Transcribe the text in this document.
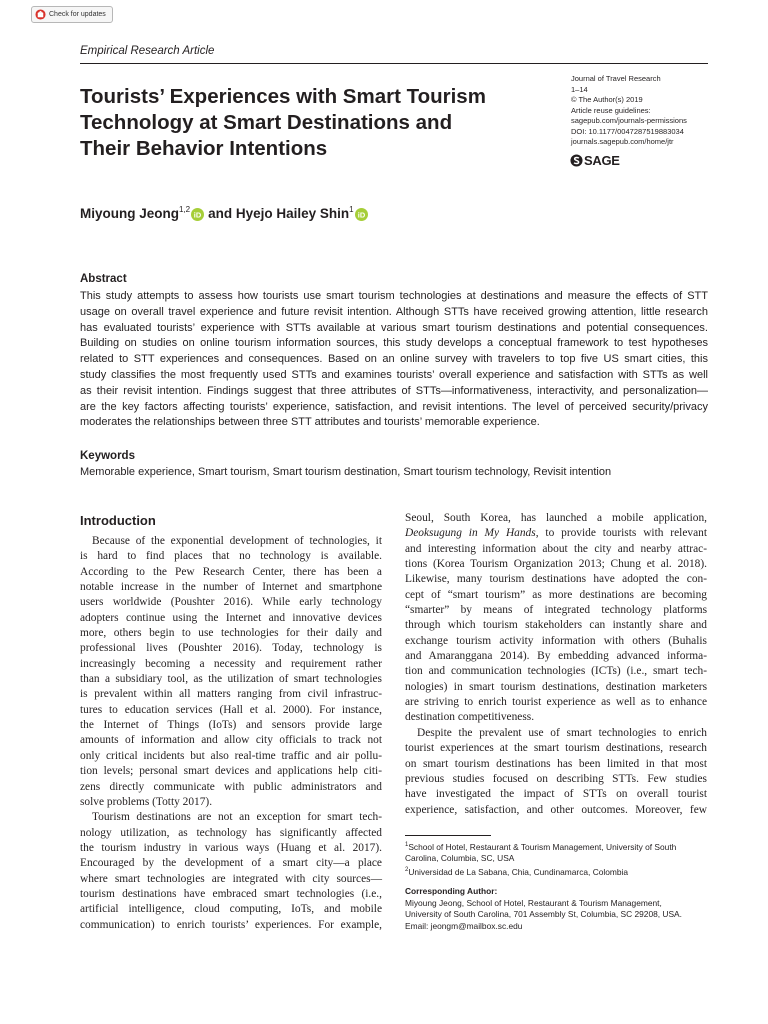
Check for updates
Empirical Research Article
Tourists’ Experiences with Smart Tourism
Technology at Smart Destinations and
Their Behavior Intentions
Journal of Travel Research
1–14
© The Author(s) 2019
Article reuse guidelines:
sagepub.com/journals-permissions
DOI: 10.1177/0047287519883034
journals.sagepub.com/home/jtr
SAGE
Miyoung Jeong$^{1,2}$
iD and Hyejo Hailey Shin$^1$
iD
Abstract
This study attempts to assess how tourists use smart tourism technologies at destinations and measure the effects of STT
usage on overall travel experience and future revisit intention. Although STTs have received growing attention, little research
has evaluated tourists’ experience with STTs available at various smart tourism destinations and potential consequences.
Building on studies on online tourism information sources, this study develops a conceptual framework to test hypotheses
related to STT experiences and consequences. Based on an online survey with travelers to top five US smart cities, this
study classifies the most frequently used STTs and examines tourists’ overall experience and satisfaction with STTs as well
as their revisit intention. Findings suggest that three attributes of STTs—informativeness, interactivity, and personalization—
are the key factors affecting tourists’ experience, satisfaction, and revisit intentions. The level of perceived security/privacy
moderates the relationships between three STT attributes and tourists’ memorable experience.
Keywords
Memorable experience, Smart tourism, Smart tourism destination, Smart tourism technology, Revisit intention
Introduction
Because of the exponential development of technologies, it
is hard to find places that no technology is available.
According to the Pew Research Center, there has been a
notable increase in the number of Internet and smartphone
users worldwide (Poushter 2016). While early technology
adopters continue using the Internet and innovative devices
more, others begin to use technologies for their daily and
professional lives (Poushter 2016). Today, technology is
increasingly becoming a necessity and requirement rather
than a subsidiary tool, as the utilization of smart technologies
is prevalent within all matters ranging from civil infrastruc-
tures to education services (Hall et al. 2000). For instance,
the Internet of Things (IoTs) and sensors provide large
amounts of information and allow city officials to track not
only critical incidents but also real-time traffic and air pollu-
tion levels; personal smart devices and applications help citi-
zens directly communicate with public administrators and
solve problems (Totty 2017).
Tourism destinations are not an exception for smart tech-
nology utilization, as technology has significantly affected
the tourism industry in various ways (Huang et al. 2017).
Encouraged by the development of a smart city—a place
where smart technologies are integrated with city sources—
tourism destinations have embraced smart technologies (i.e.,
artificial intelligence, cloud computing, IoTs, and mobile
communication) to enrich tourists’ experiences. For example,
Seoul, South Korea, has launched a mobile application,
Deoksugung in My Hands, to provide tourists with relevant
and interesting information about the city and nearby attrac-
tions (Korea Tourism Organization 2013; Chung et al. 2018).
Likewise, many tourism destinations have adopted the con-
cept of “smart tourism” as more destinations are becoming
“smarter” by means of integrated technology platforms
through which tourism stakeholders can instantly share and
exchange tourism activity information with others (Buhalis
and Amaranggana 2014). By embedding advanced informa-
tion and communication technologies (ICTs) (i.e., smart tech-
nologies) in smart tourism destinations, destination marketers
are striving to enrich tourist experience as well as to enhance
destination competitiveness.
Despite the prevalent use of smart technologies to enrich
tourist experiences at the smart tourism destinations, research
on smart tourism destinations has been limited in that most
previous studies focused on describing STTs. Few studies
have investigated the impact of STTs on overall tourist
experience, satisfaction, and other outcomes. Moreover, few
$^1$School of Hotel, Restaurant & Tourism Management, University of South
Carolina, Columbia, SC, USA
$^2$Universidad de La Sabana, Chia, Cundinamarca, Colombia
Corresponding Author:
Miyoung Jeong, School of Hotel, Restaurant & Tourism Management,
University of South Carolina, 701 Assembly St, Columbia, SC 29208, USA.
Email: jeongm@mailbox.sc.edu
